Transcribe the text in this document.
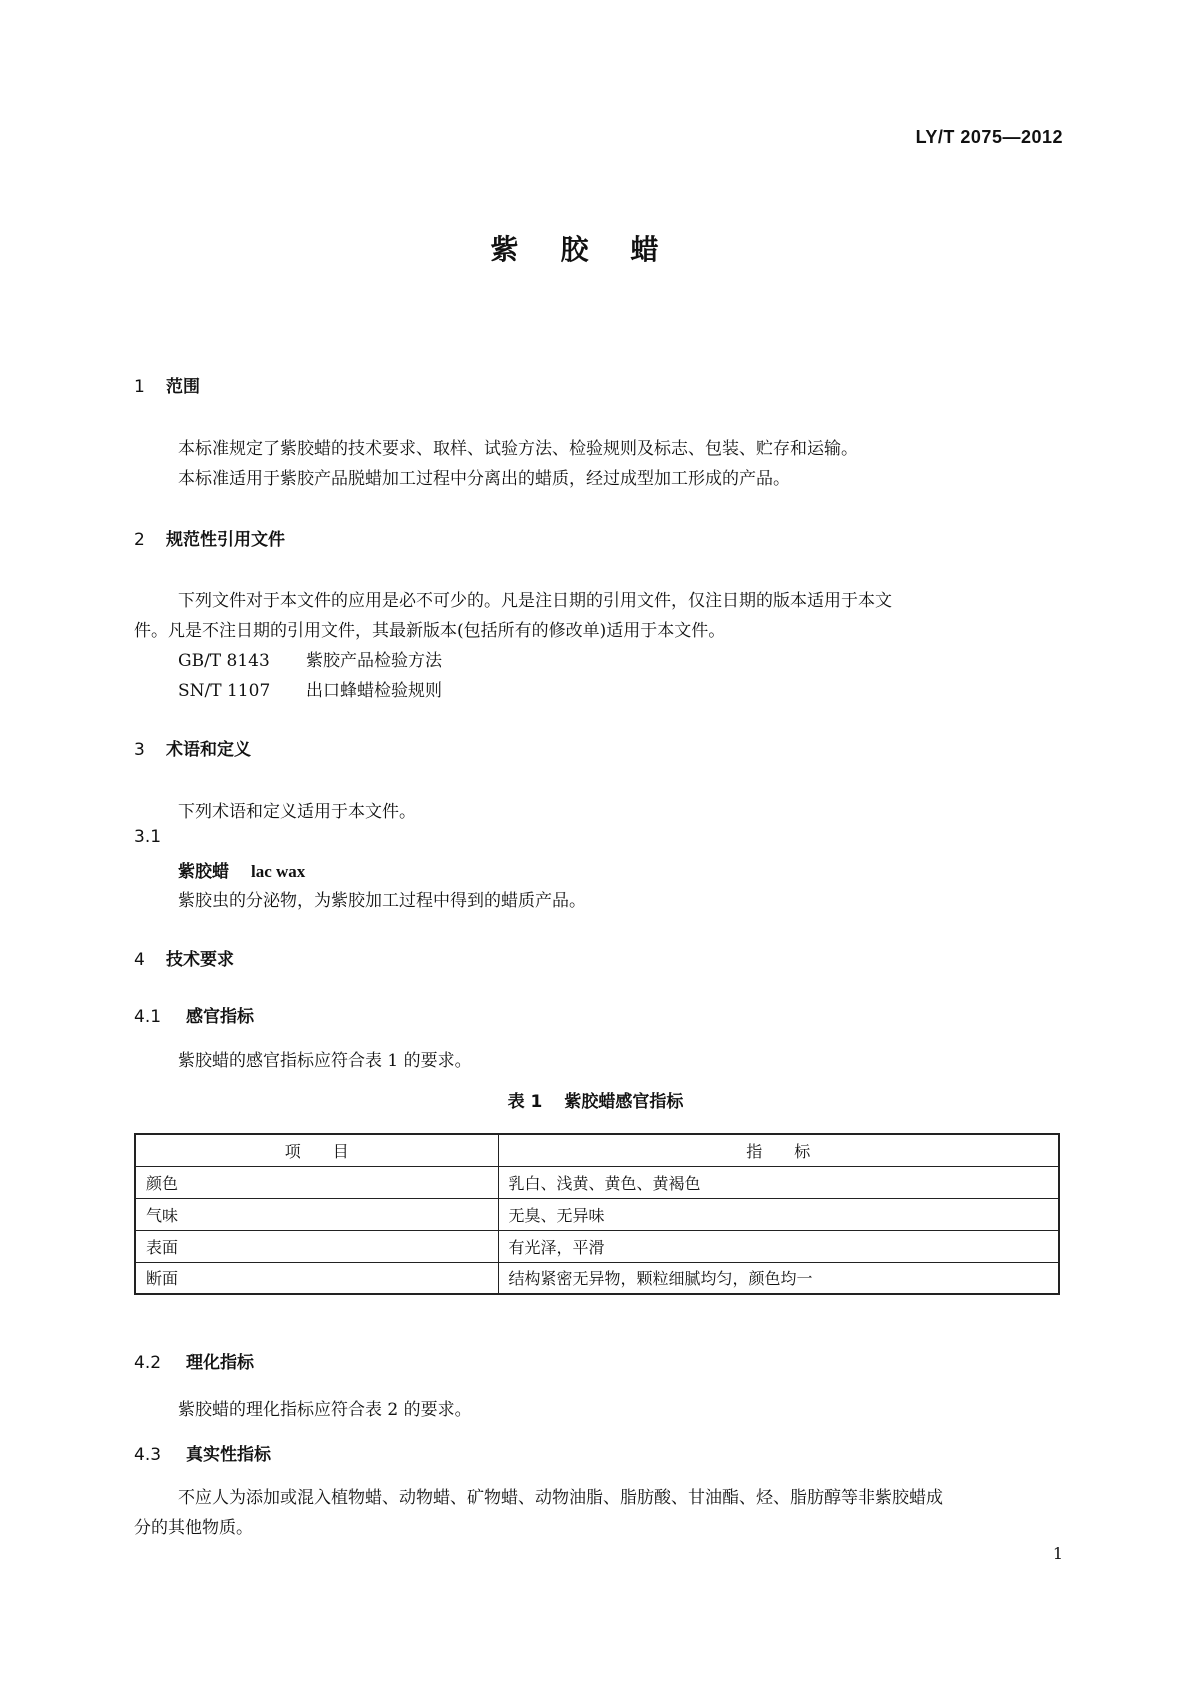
LY/T 2075—2012
紫胶蜡
1 范围
本标准规定了紫胶蜡的技术要求、取样、试验方法、检验规则及标志、包装、贮存和运输。
本标准适用于紫胶产品脱蜡加工过程中分离出的蜡质，经过成型加工形成的产品。
2 规范性引用文件
下列文件对于本文件的应用是必不可少的。凡是注日期的引用文件，仅注日期的版本适用于本文
件。凡是不注日期的引用文件，其最新版本(包括所有的修改单)适用于本文件。
GB/T 8143 紫胶产品检验方法
SN/T 1107 出口蜂蜡检验规则
3 术语和定义
下列术语和定义适用于本文件。
3.1
紫胶蜡 lac wax
紫胶虫的分泌物，为紫胶加工过程中得到的蜡质产品。
4 技术要求
4.1 感官指标
紫胶蜡的感官指标应符合表 1 的要求。
表 1 紫胶蜡感官指标
项　　目	指　　标
颜色	乳白、浅黄、黄色、黄褐色
气味	无臭、无异味
表面	有光泽，平滑
断面	结构紧密无异物，颗粒细腻均匀，颜色均一
4.2 理化指标
紫胶蜡的理化指标应符合表 2 的要求。
4.3 真实性指标
不应人为添加或混入植物蜡、动物蜡、矿物蜡、动物油脂、脂肪酸、甘油酯、烃、脂肪醇等非紫胶蜡成
分的其他物质。
1
